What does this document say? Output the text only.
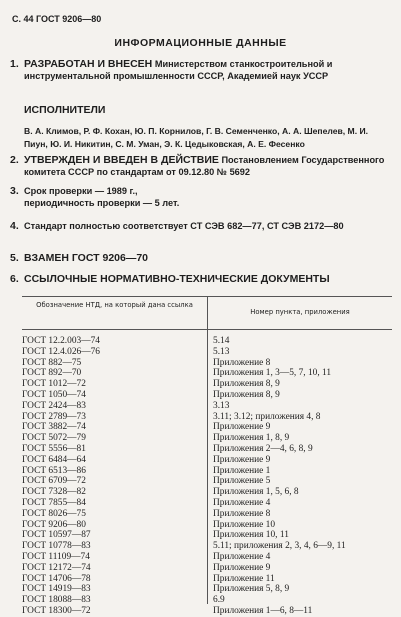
С. 44 ГОСТ 9206—80
ИНФОРМАЦИОННЫЕ ДАННЫЕ
1. РАЗРАБОТАН И ВНЕСЕН Министерством станкостроительной и инструментальной промышленности СССР, Академией наук УССР
ИСПОЛНИТЕЛИ
В. А. Климов, Р. Ф. Кохан, Ю. П. Корнилов, Г. В. Семенченко, А. А. Шепелев, М. И. Пиун, Ю. И. Никитин, С. М. Уман, Э. К. Цедыковская, А. Е. Фесенко
2. УТВЕРЖДЕН И ВВЕДЕН В ДЕЙСТВИЕ Постановлением Государственного комитета СССР по стандартам от 09.12.80 № 5692
3. Срок проверки — 1989 г., периодичность проверки — 5 лет.
4. Стандарт полностью соответствует СТ СЭВ 682—77, СТ СЭВ 2172—80
5. ВЗАМЕН ГОСТ 9206—70
6. ССЫЛОЧНЫЕ НОРМАТИВНО-ТЕХНИЧЕСКИЕ ДОКУМЕНТЫ
Обозначение НТД, на который дана ссылка
Номер пункта, приложения
ГОСТ 12.2.003—74	5.14
ГОСТ 12.4.026—76	5.13
ГОСТ 882—75	Приложение 8
ГОСТ 892—70	Приложения 1, 3—5, 7, 10, 11
ГОСТ 1012—72	Приложения 8, 9
ГОСТ 1050—74	Приложения 8, 9
ГОСТ 2424—83	3.13
ГОСТ 2789—73	3.11; 3.12; приложения 4, 8
ГОСТ 3882—74	Приложение 9
ГОСТ 5072—79	Приложения 1, 8, 9
ГОСТ 5556—81	Приложения 2—4, 6, 8, 9
ГОСТ 6484—64	Приложение 9
ГОСТ 6513—86	Приложение 1
ГОСТ 6709—72	Приложение 5
ГОСТ 7328—82	Приложения 1, 5, 6, 8
ГОСТ 7855—84	Приложение 4
ГОСТ 8026—75	Приложение 8
ГОСТ 9206—80	Приложение 10
ГОСТ 10597—87	Приложения 10, 11
ГОСТ 10778—83	5.11; приложения 2, 3, 4, 6—9, 11
ГОСТ 11109—74	Приложение 4
ГОСТ 12172—74	Приложение 9
ГОСТ 14706—78	Приложение 11
ГОСТ 14919—83	Приложения 5, 8, 9
ГОСТ 18088—83	6.9
ГОСТ 18300—72	Приложения 1—6, 8—11
